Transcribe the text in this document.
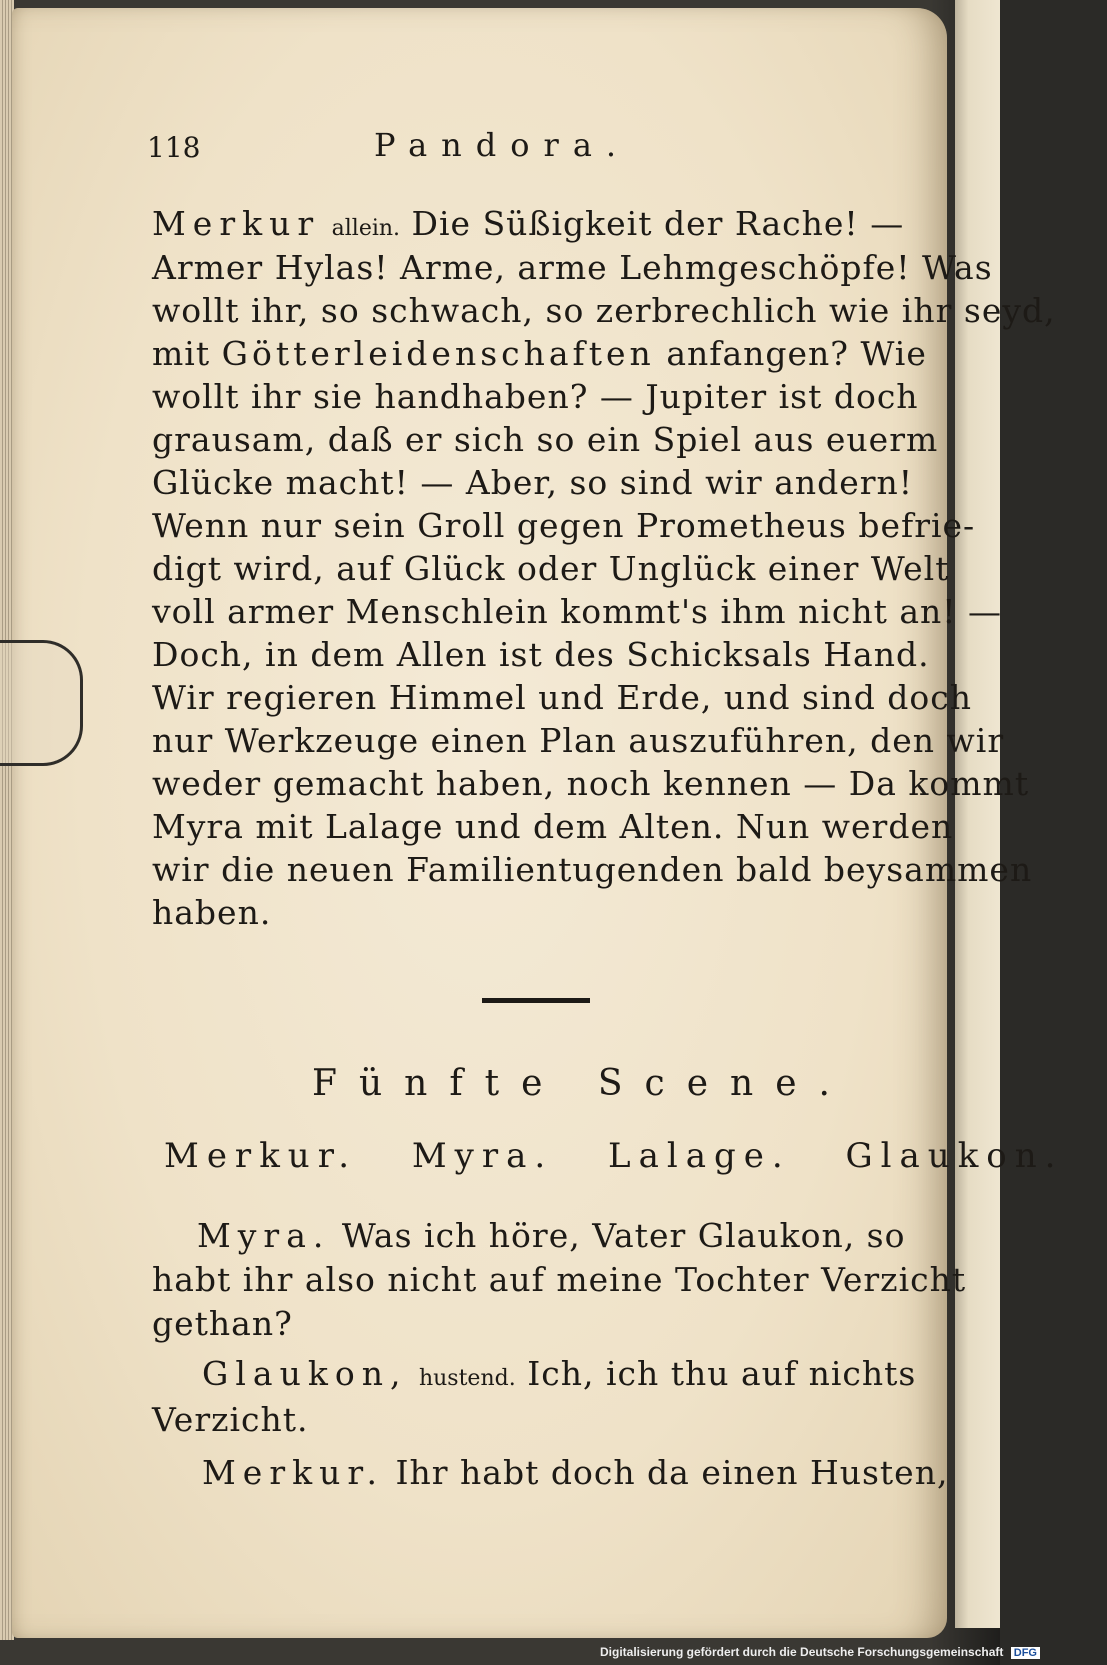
118	Pandora.
Merkur allein. Die Süßigkeit der Rache! —
Armer Hylas! Arme, arme Lehmgeschöpfe! Was
wollt ihr, so schwach, so zerbrechlich wie ihr seyd,
mit Götterleidenschaften anfangen? Wie
wollt ihr sie handhaben? — Jupiter ist doch
grausam, daß er sich so ein Spiel aus euerm
Glücke macht! — Aber, so sind wir andern!
Wenn nur sein Groll gegen Prometheus befrie-
digt wird, auf Glück oder Unglück einer Welt
voll armer Menschlein kommt's ihm nicht an! —
Doch, in dem Allen ist des Schicksals Hand.
Wir regieren Himmel und Erde, und sind doch
nur Werkzeuge einen Plan auszuführen, den wir
weder gemacht haben, noch kennen — Da kommt
Myra mit Lalage und dem Alten. Nun werden
wir die neuen Familientugenden bald beysammen
haben.
Fünfte Scene.
Merkur. Myra. Lalage. Glaukon.
Myra. Was ich höre, Vater Glaukon, so
habt ihr also nicht auf meine Tochter Verzicht
gethan?
Glaukon, hustend. Ich, ich thu auf nichts
Verzicht.
Merkur. Ihr habt doch da einen Husten,
Digitalisierung gefördert durch die Deutsche Forschungsgemeinschaft DFG
